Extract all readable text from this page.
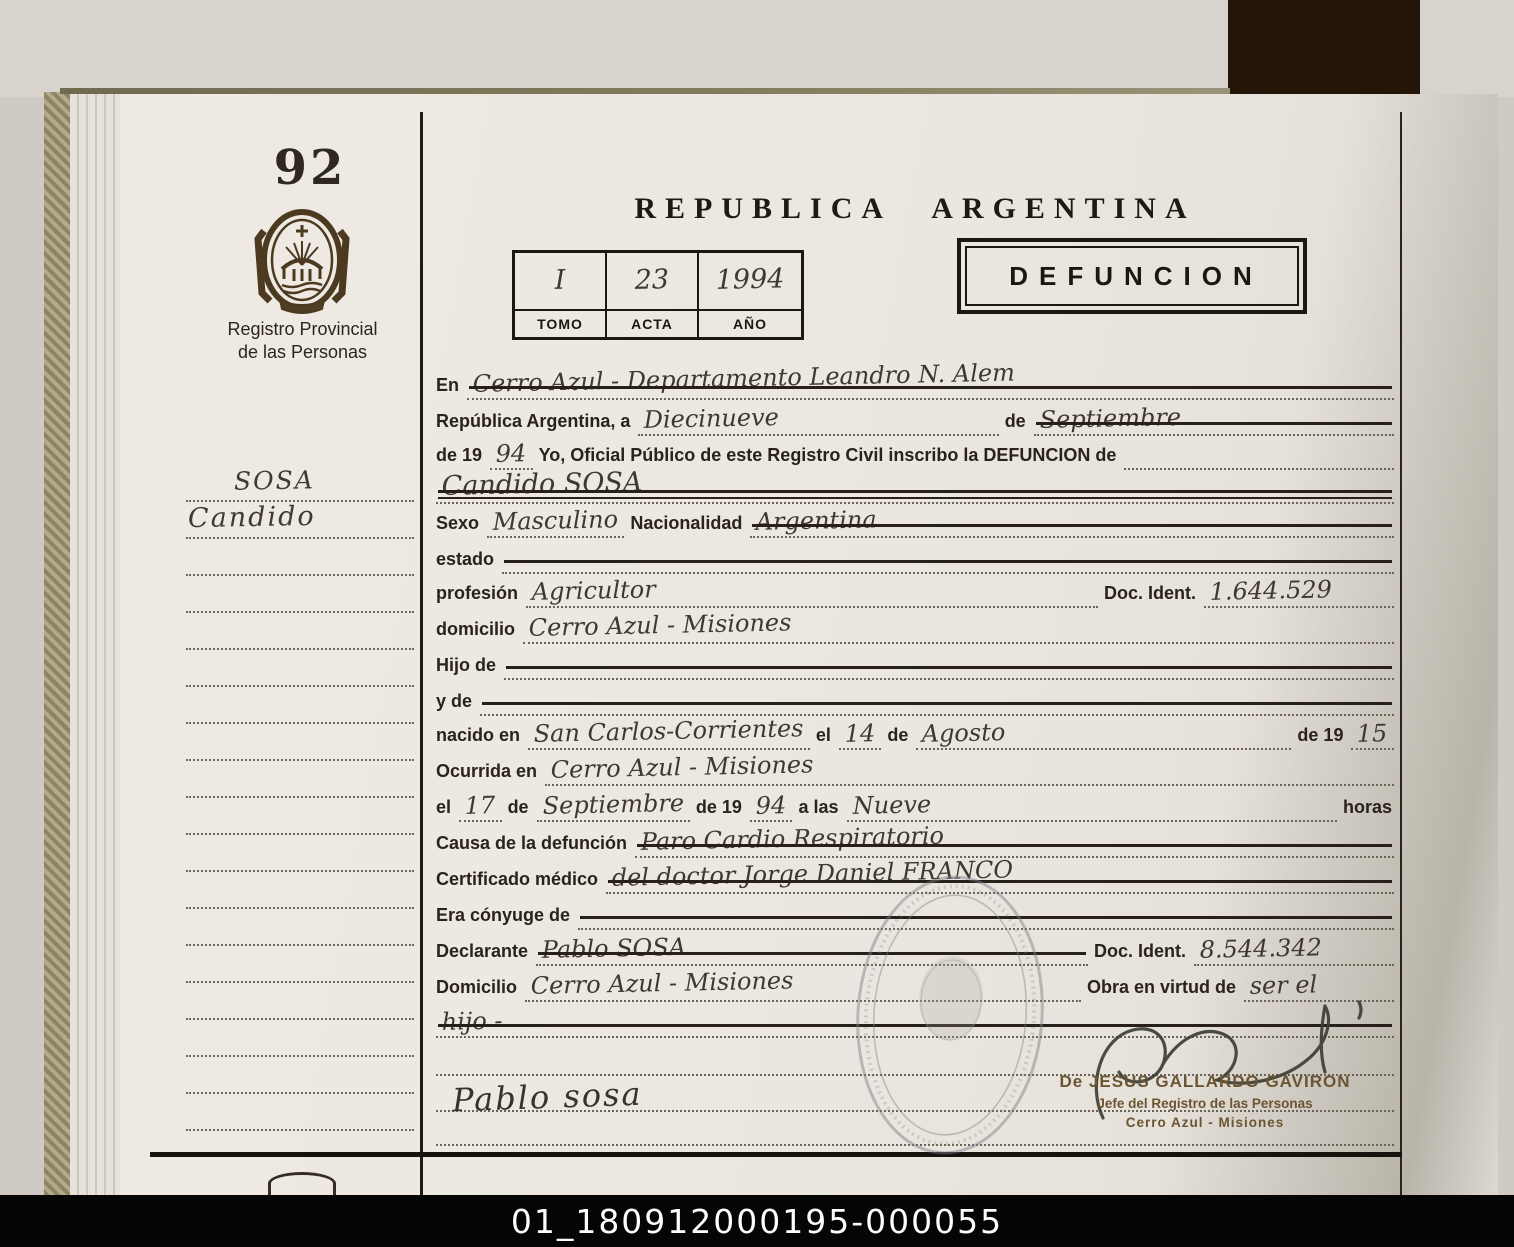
92
Registro Provincial
de las Personas
SOSA
Candido
REPUBLICA ARGENTINA
I	23 1994
TOMO	ACTA	AÑO
DEFUNCION
En Cerro Azul - Departamento Leandro N. Alem
República Argentina, a Diecinueve	de Septiembre
de 19 94 Yo, Oficial Público de este Registro Civil inscribo la DEFUNCION de
Candido SOSA
Sexo Masculino Nacionalidad Argentina
estado
profesión Agricultor	Doc. Ident. 1.644.529
domicilio Cerro Azul - Misiones
Hijo de
y de
nacido en San Carlos-Corrientes el 14 de Agosto	de 19 15
Ocurrida en Cerro Azul - Misiones
el 17 de Septiembre de 19 94 a las Nueve	horas
Causa de la defunción Paro Cardio Respiratorio
Certificado médico del doctor Jorge Daniel FRANCO
Era cónyuge de
Declarante Pablo SOSA	Doc. Ident. 8.544.342
Domicilio Cerro Azul - Misiones	Obra en virtud de ser el
hijo -
Pablo sosa	De JESUS GALLARDO GAVIRON
Jefe del Registro de las Personas
Cerro Azul - Misiones
01_180912000195-000055
